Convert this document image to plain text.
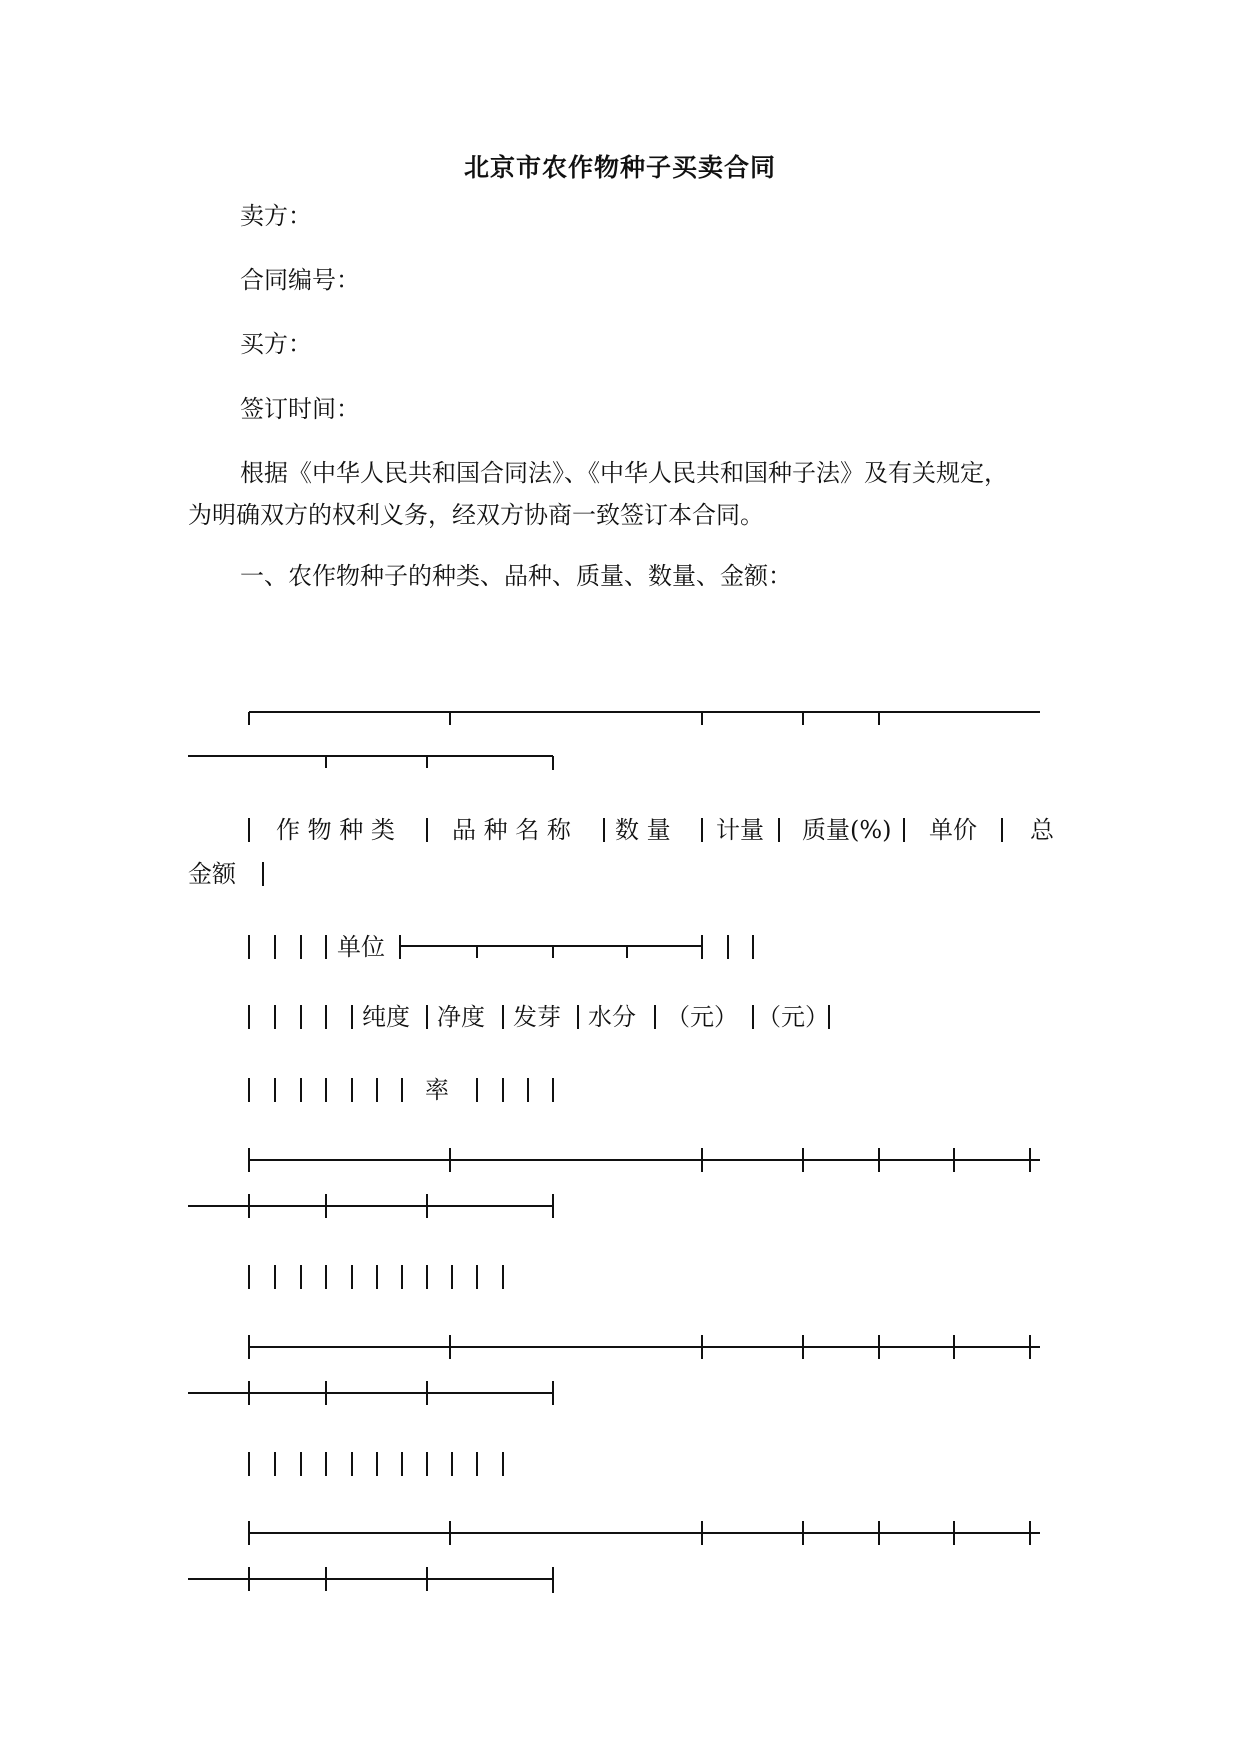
北京市农作物种子买卖合同
卖方：
合同编号：
买方：
签订时间：
根据《中华人民共和国合同法》、《中华人民共和国种子法》及有关规定，
为明确双方的权利义务，经双方协商一致签订本合同。
一、农作物种子的种类、品种、质量、数量、金额：
作 物 种 类 品 种 名 称 数 量 计量 质量(%) 单价 总
金额
单位
纯度 净度 发芽 水分 （元） （元）
率
